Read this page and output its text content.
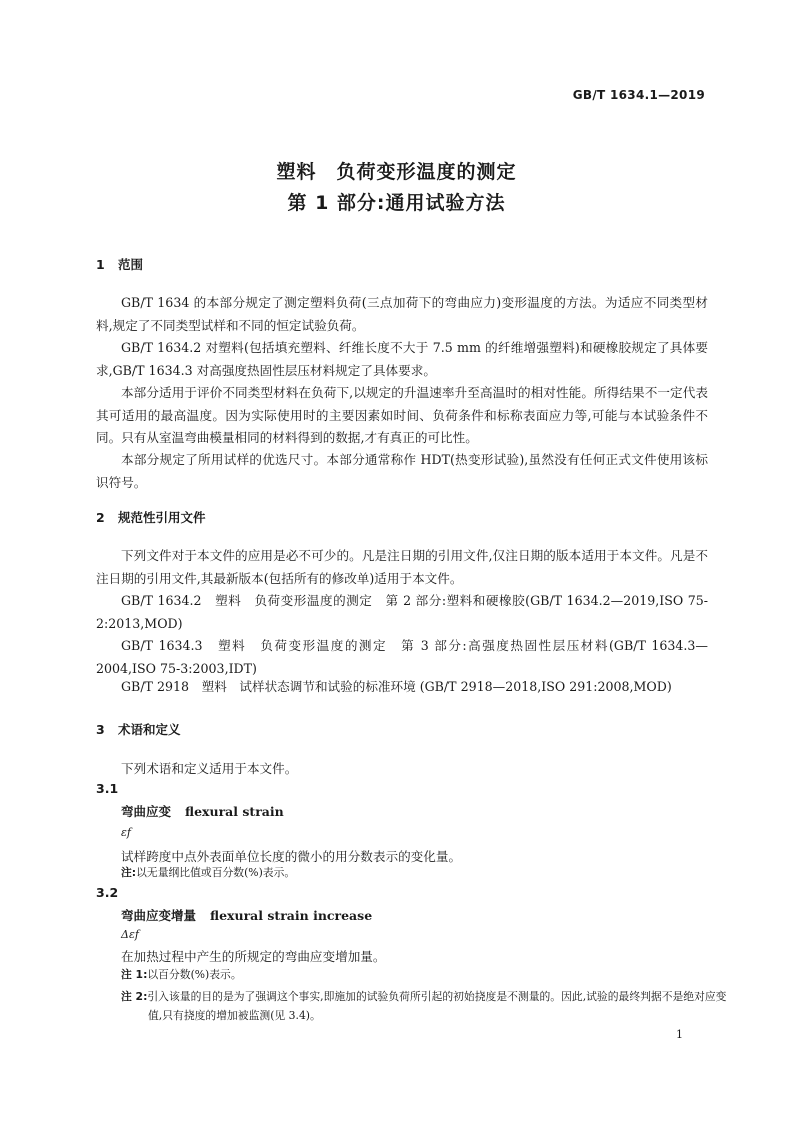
GB/T 1634.1—2019
塑料　负荷变形温度的测定
第 1 部分:通用试验方法
1 范围
GB/T 1634 的本部分规定了测定塑料负荷(三点加荷下的弯曲应力)变形温度的方法。为适应不同类型材料,规定了不同类型试样和不同的恒定试验负荷。
GB/T 1634.2 对塑料(包括填充塑料、纤维长度不大于 7.5 mm 的纤维增强塑料)和硬橡胶规定了具体要求,GB/T 1634.3 对高强度热固性层压材料规定了具体要求。
本部分适用于评价不同类型材料在负荷下,以规定的升温速率升至高温时的相对性能。所得结果不一定代表其可适用的最高温度。因为实际使用时的主要因素如时间、负荷条件和标称表面应力等,可能与本试验条件不同。只有从室温弯曲模量相同的材料得到的数据,才有真正的可比性。
本部分规定了所用试样的优选尺寸。本部分通常称作 HDT(热变形试验),虽然没有任何正式文件使用该标识符号。
2 规范性引用文件
下列文件对于本文件的应用是必不可少的。凡是注日期的引用文件,仅注日期的版本适用于本文件。凡是不注日期的引用文件,其最新版本(包括所有的修改单)适用于本文件。
GB/T 1634.2　塑料　负荷变形温度的测定　第 2 部分:塑料和硬橡胶(GB/T 1634.2—2019,ISO 75-2:2013,MOD)
GB/T 1634.3　塑料　负荷变形温度的测定　第 3 部分:高强度热固性层压材料(GB/T 1634.3—2004,ISO 75-3:2003,IDT)
GB/T 2918　塑料　试样状态调节和试验的标准环境 (GB/T 2918—2018,ISO 291:2008,MOD)
3 术语和定义
下列术语和定义适用于本文件。
3.1
弯曲应变 flexural strain
εf
试样跨度中点外表面单位长度的微小的用分数表示的变化量。
注:以无量纲比值或百分数(%)表示。
3.2
弯曲应变增量 flexural strain increase
Δεf
在加热过程中产生的所规定的弯曲应变增加量。
注 1:以百分数(%)表示。
注 2:引入该量的目的是为了强调这个事实,即施加的试验负荷所引起的初始挠度是不测量的。因此,试验的最终判据不是绝对应变值,只有挠度的增加被监测(见 3.4)。
1
